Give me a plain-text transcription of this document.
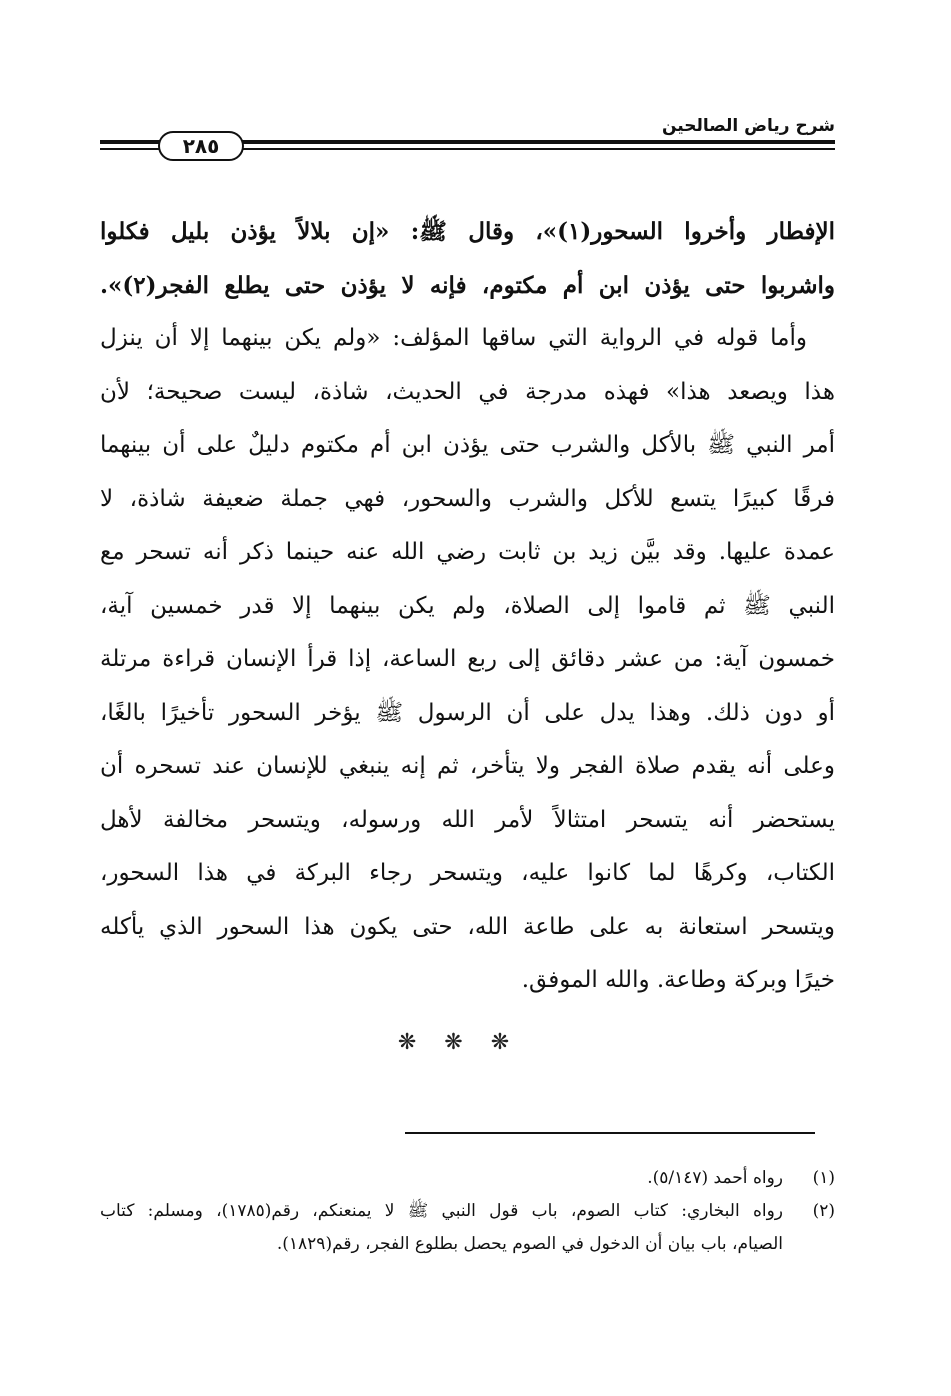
شرح رياض الصالحين
٢٨٥
الإفطار وأخروا السحور(١)»، وقال ﷺ: «إن بلالاً يؤذن بليل فكلوا
واشربوا حتى يؤذن ابن أم مكتوم، فإنه لا يؤذن حتى يطلع الفجر(٢)».
وأما قوله في الرواية التي ساقها المؤلف: «ولم يكن بينهما إلا أن ينزل
هذا ويصعد هذا» فهذه مدرجة في الحديث، شاذة، ليست صحيحة؛ لأن
أمر النبي ﷺ بالأكل والشرب حتى يؤذن ابن أم مكتوم دليلٌ على أن بينهما
فرقًا كبيرًا يتسع للأكل والشرب والسحور، فهي جملة ضعيفة شاذة، لا
عمدة عليها. وقد بيَّن زيد بن ثابت رضي الله عنه حينما ذكر أنه تسحر مع
النبي ﷺ ثم قاموا إلى الصلاة، ولم يكن بينهما إلا قدر خمسين آية،
خمسون آية: من عشر دقائق إلى ربع الساعة، إذا قرأ الإنسان قراءة مرتلة
أو دون ذلك. وهذا يدل على أن الرسول ﷺ يؤخر السحور تأخيرًا بالغًا،
وعلى أنه يقدم صلاة الفجر ولا يتأخر، ثم إنه ينبغي للإنسان عند تسحره أن
يستحضر أنه يتسحر امتثالاً لأمر الله ورسوله، ويتسحر مخالفة لأهل
الكتاب، وكرهًا لما كانوا عليه، ويتسحر رجاء البركة في هذا السحور،
ويتسحر استعانة به على طاعة الله، حتى يكون هذا السحور الذي يأكله
خيرًا وبركة وطاعة. والله الموفق.
❋❋❋
(١)
رواه أحمد (٥/١٤٧).
(٢)
رواه البخاري: كتاب الصوم، باب قول النبي ﷺ لا يمنعنكم، رقم(١٧٨٥)، ومسلم: كتاب
الصيام، باب بيان أن الدخول في الصوم يحصل بطلوع الفجر، رقم(١٨٢٩).
